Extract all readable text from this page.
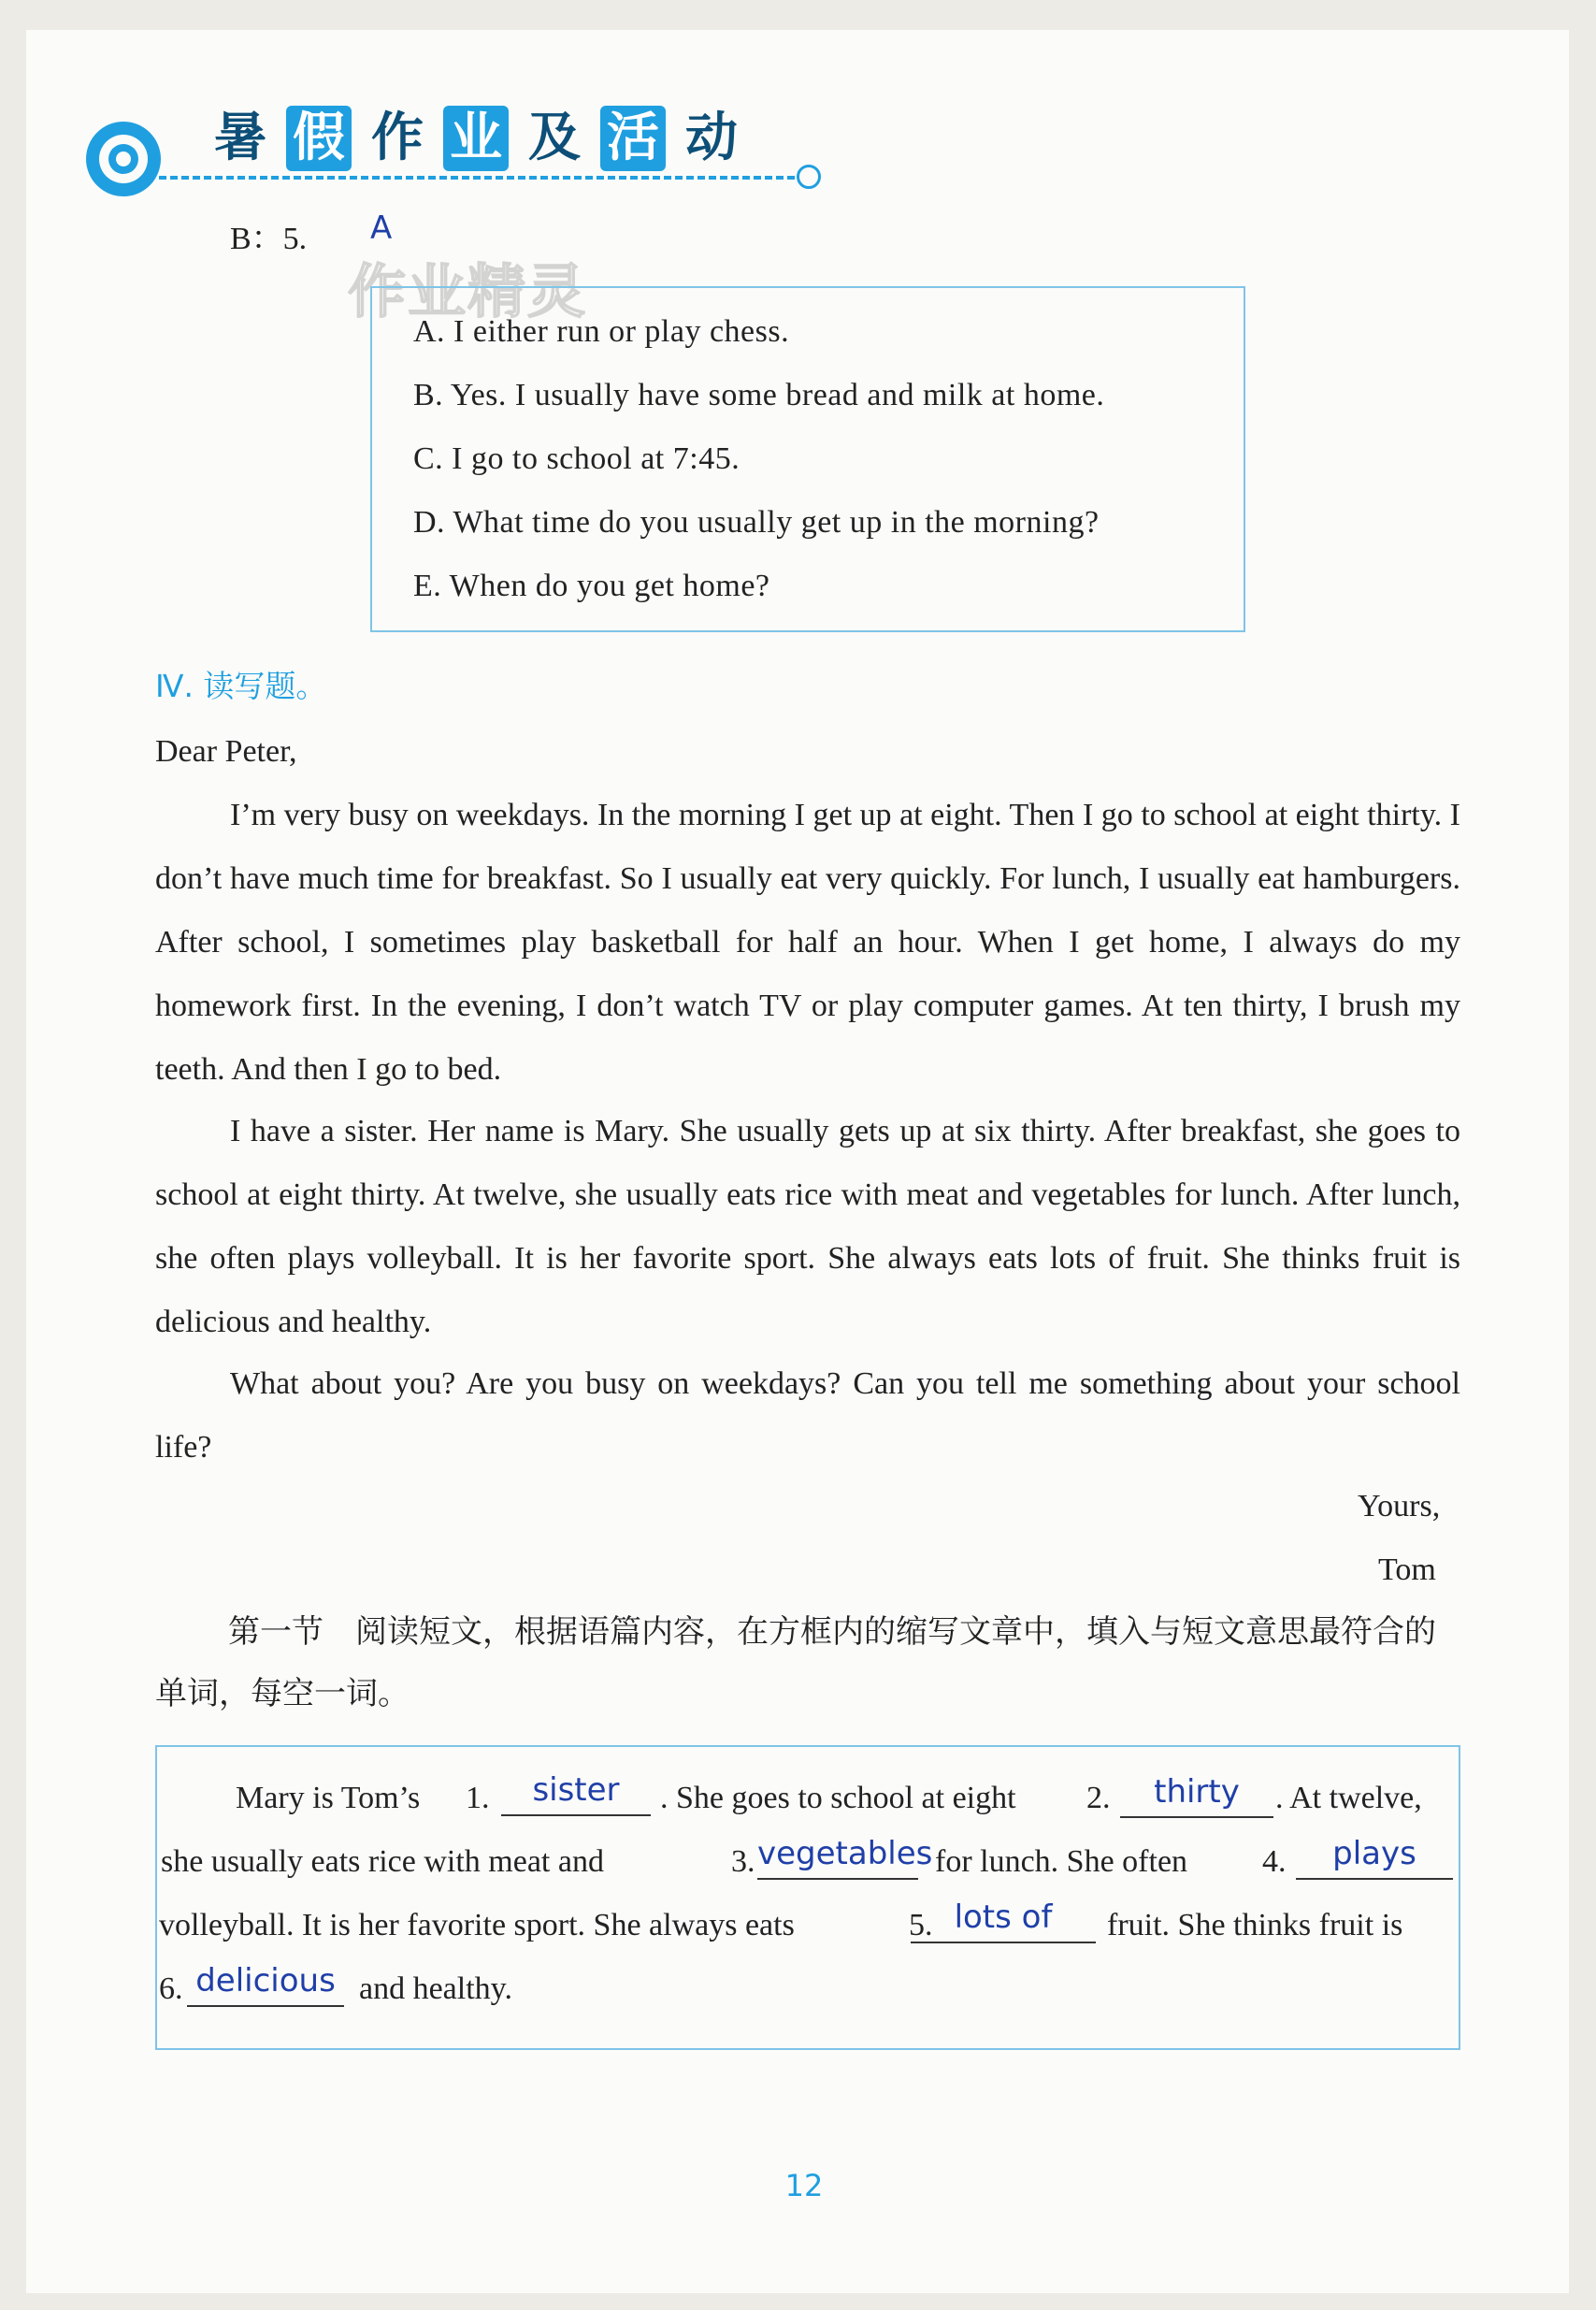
暑 假 作 业 及 活 动
B：5. A
作业精灵
A. I either run or play chess.
B. Yes. I usually have some bread and milk at home.
C. I go to school at 7:45.
D. What time do you usually get up in the morning?
E. When do you get home?
Ⅳ. 读写题。
Dear Peter,
I’m very busy on weekdays. In the morning I get up at eight. Then I go to school at eight thirty. I don’t have much time for breakfast. So I usually eat very quickly. For lunch, I usually eat hamburgers. After school, I sometimes play basketball for half an hour. When I get home, I always do my homework first. In the evening, I don’t watch TV or play computer games. At ten thirty, I brush my teeth. And then I go to bed.
I have a sister. Her name is Mary. She usually gets up at six thirty. After breakfast, she goes to school at eight thirty. At twelve, she usually eats rice with meat and vegetables for lunch. After lunch, she often plays volleyball. It is her favorite sport. She always eats lots of fruit. She thinks fruit is delicious and healthy.
What about you? Are you busy on weekdays? Can you tell me something about your school life?
Yours,
Tom
第一节　阅读短文，根据语篇内容，在方框内的缩写文章中，填入与短文意思最符合的单词，每空一词。
Mary is Tom’s 1.	sister	. She goes to school at eight 2.	thirty	. At twelve,
she usually eats rice with meat and	3. vegetables for lunch. She often 4.	plays
volleyball. It is her favorite sport. She always eats	5. lots of	fruit. She thinks fruit is
6. delicious and healthy.
12
